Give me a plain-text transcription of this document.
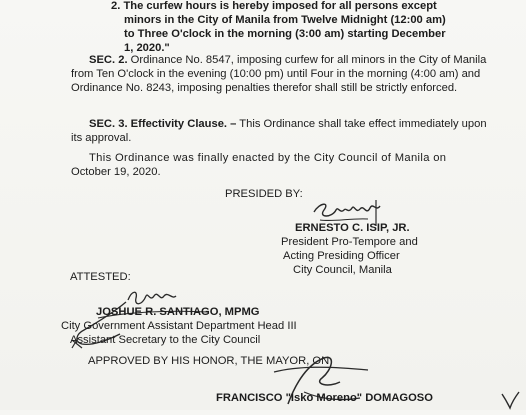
2. The curfew hours is hereby imposed for all persons except
minors in the City of Manila from Twelve Midnight (12:00 am)
to Three O'clock in the morning (3:00 am) starting December
1, 2020."
SEC. 2. Ordinance No. 8547, imposing curfew for all minors in the City of Manila
from Ten O'clock in the evening (10:00 pm) until Four in the morning (4:00 am) and
Ordinance No. 8243, imposing penalties therefor shall still be strictly enforced.
SEC. 3. Effectivity Clause. – This Ordinance shall take effect immediately upon
its approval.
This Ordinance was finally enacted by the City Council of Manila on
October 19, 2020.
PRESIDED BY:
ERNESTO C. ISIP, JR.
President Pro-Tempore and
Acting Presiding Officer
City Council, Manila
ATTESTED:
JOSHUE R. SANTIAGO, MPMG
City Government Assistant Department Head III
Assistant Secretary to the City Council
APPROVED BY HIS HONOR, THE MAYOR, ON
FRANCISCO "Isko Moreno" DOMAGOSO
